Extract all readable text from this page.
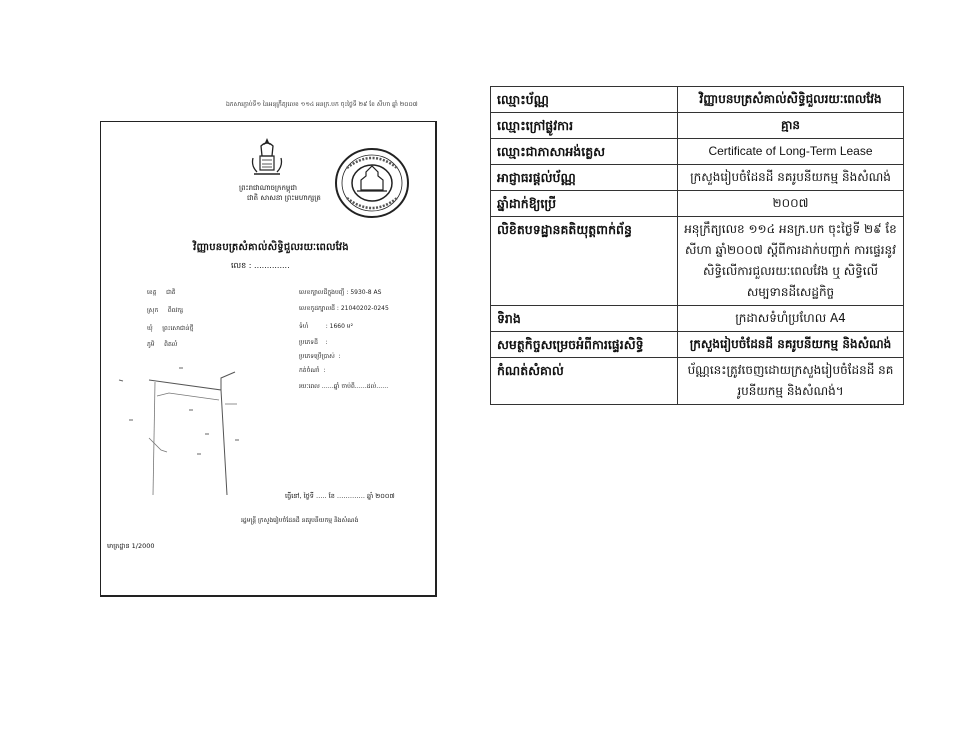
ឯកសារភ្ជាប់ទី១ នៃអនុក្រឹត្យលេខ ១១៤ អនក្រ.បក ចុះថ្ងៃទី ២៩ ខែ សីហា ឆ្នាំ ២០០៧
ព្រះរាជាណាចក្រកម្ពុជា
ជាតិ សាសនា ព្រះមហាក្សត្រ
វិញ្ញាបនបត្រសំគាល់សិទ្ធិជួលរយៈពេលវែង
លេខ : ..............
ខេត្ត ជាតិ
ស្រុក ពីពវក្ស
ឃុំ ព្រះសោជាន់ថ្មី
ភូមិ ពិតលំ
លេខក្បាលដីក្នុងបញ្ជី : 5930-8 AS
លេខកូដក្បាលដី : 21040202-0245
ទំហំ	: 1660 ម²
ប្រភេទដី :
ប្រភេទប្រើប្រាស់ :
កត់ចំណាំ :
រយៈពេល ……ឆ្នាំ ចាប់ពី……ដល់……
ធ្វើនៅ, ថ្ងៃទី ….. ខែ …………. ឆ្នាំ ២០០៧
រដ្ឋមន្ត្រី ក្រសួងរៀបចំដែនដី នគរូបនីយកម្ម និងសំណង់
មាត្រដ្ឋាន 1/2000
ឈ្មោះប័ណ្ណ	វិញ្ញាបនបត្រសំគាល់សិទ្ធិជួលរយៈពេលវែង
ឈ្មោះក្រៅផ្លូវការ	គ្មាន
ឈ្មោះជាភាសាអង់គ្លេស	Certificate of Long-Term Lease
អាជ្ញាធរផ្ដល់ប័ណ្ណ	ក្រសួងរៀបចំដែនដី នគរូបនីយកម្ម និងសំណង់
ឆ្នាំដាក់ឱ្យប្រើ	២០០៧
លិខិតបទដ្ឋានគតិយុត្តពាក់ព័ន្ធ	អនុក្រឹត្យលេខ ១១៤ អនក្រ.បក ចុះថ្ងៃទី ២៩ ខែសីហា ឆ្នាំ២០០៧ ស្ដីពីការដាក់បញ្ជាក់ ការផ្ទេរនូវសិទ្ធិលើការជួលរយៈពេលវែង ឬ សិទ្ធិលើសម្បទានដីសេដ្ឋកិច្ច
ទិរាង	ក្រដាសទំហំប្រហែល A4
សមត្ថកិច្ចសម្រេចអំពីការផ្ទេរសិទ្ធិ	ក្រសួងរៀបចំដែនដី នគរូបនីយកម្ម និងសំណង់
កំណត់សំគាល់	ប័ណ្ណនេះត្រូវចេញដោយក្រសួងរៀបចំដែនដី នគរូបនីយកម្ម និងសំណង់។
